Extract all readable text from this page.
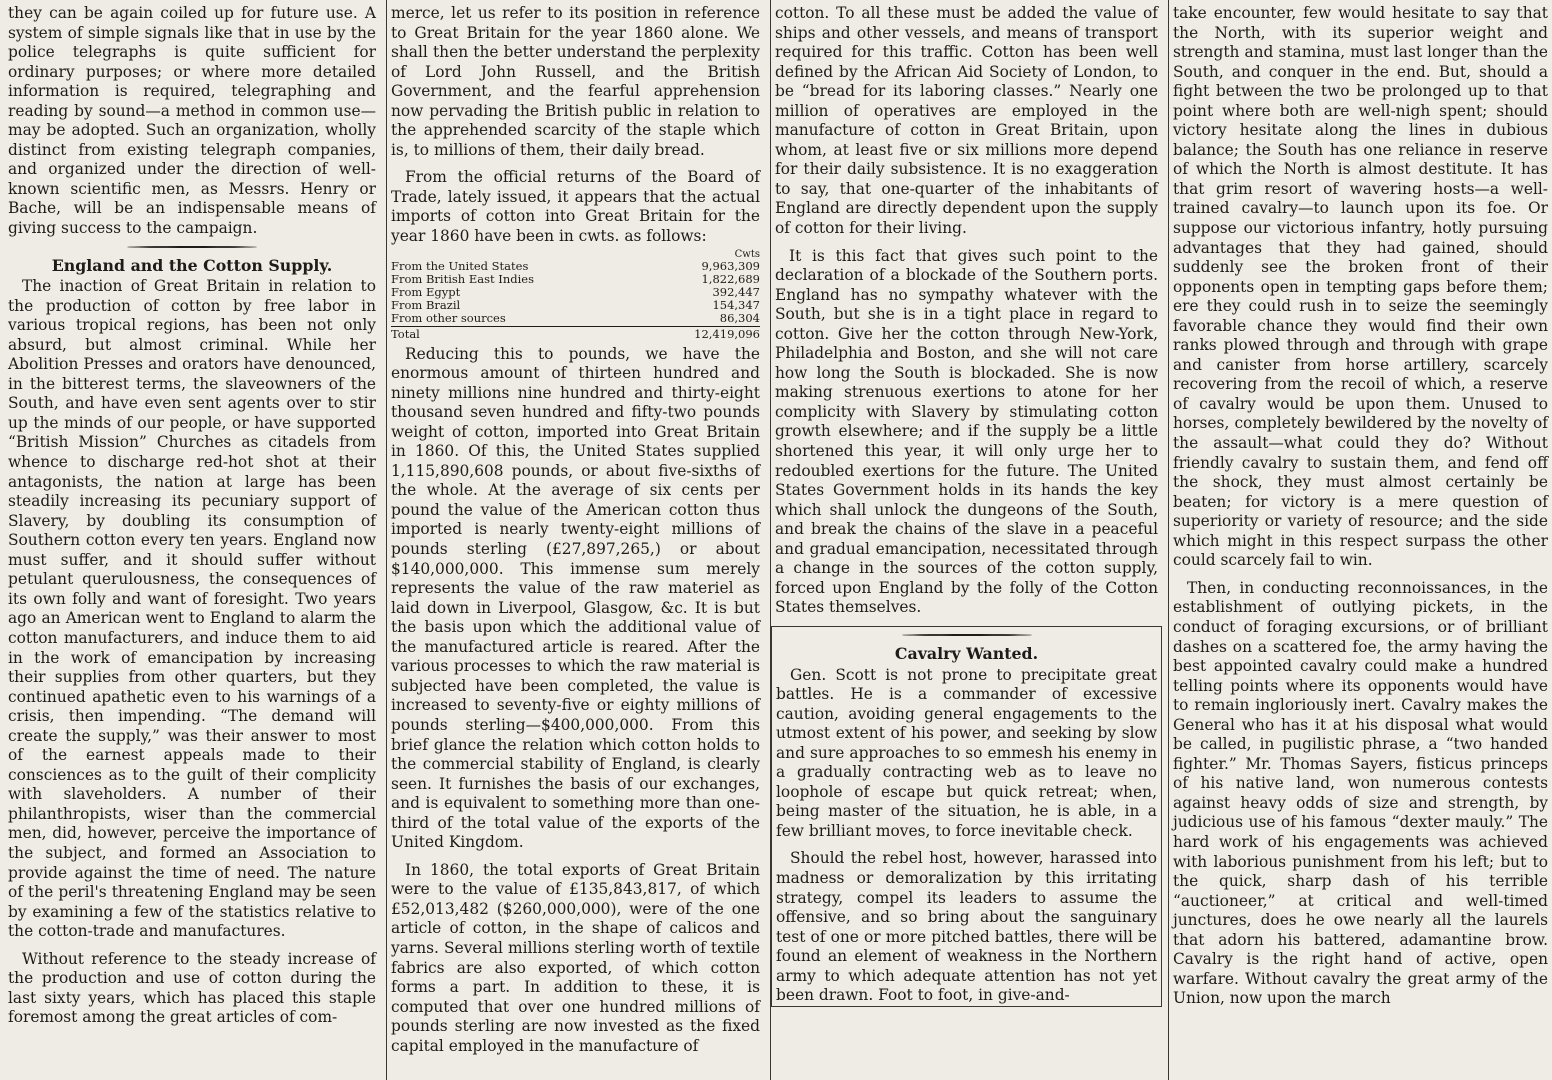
they can be again coiled up for future use. A system of simple signals like that in use by the police telegraphs is quite sufficient for ordinary purposes; or where more detailed information is required, telegraphing and reading by sound—a method in common use—may be adopted. Such an organization, wholly distinct from existing telegraph companies, and organized under the direction of well-known scientific men, as Messrs. Henry or Bache, will be an indispensable means of giving success to the campaign.

England and the Cotton Supply.

The inaction of Great Britain in relation to the production of cotton by free labor in various tropical regions, has been not only absurd, but almost criminal. While her Abolition Presses and orators have denounced, in the bitterest terms, the slaveowners of the South, and have even sent agents over to stir up the minds of our people, or have supported “British Mission” Churches as citadels from whence to discharge red-hot shot at their antagonists, the nation at large has been steadily increasing its pecuniary support of Slavery, by doubling its consumption of Southern cotton every ten years. England now must suffer, and it should suffer without petulant querulousness, the consequences of its own folly and want of foresight. Two years ago an American went to England to alarm the cotton manufacturers, and induce them to aid in the work of emancipation by increasing their supplies from other quarters, but they continued apathetic even to his warnings of a crisis, then impending. “The demand will create the supply,” was their answer to most of the earnest appeals made to their consciences as to the guilt of their complicity with slaveholders. A number of their philanthropists, wiser than the commercial men, did, however, perceive the importance of the subject, and formed an Association to provide against the time of need. The nature of the peril's threatening England may be seen by examining a few of the statistics relative to the cotton-trade and manufactures.

Without reference to the steady increase of the production and use of cotton during the last sixty years, which has placed this staple foremost among the great articles of com-

merce, let us refer to its position in reference to Great Britain for the year 1860 alone. We shall then the better understand the perplexity of Lord John Russell, and the British Government, and the fearful apprehension now pervading the British public in relation to the apprehended scarcity of the staple which is, to millions of them, their daily bread.

From the official returns of the Board of Trade, lately issued, it appears that the actual imports of cotton into Great Britain for the year 1860 have been in cwts. as follows:

Cwts
From the United States	9,963,309
From British East Indies	1,822,689
From Egypt	392,447
From Brazil	154,347
From other sources	86,304
Total	12,419,096

Reducing this to pounds, we have the enormous amount of thirteen hundred and ninety millions nine hundred and thirty-eight thousand seven hundred and fifty-two pounds weight of cotton, imported into Great Britain in 1860. Of this, the United States supplied 1,115,890,608 pounds, or about five-sixths of the whole. At the average of six cents per pound the value of the American cotton thus imported is nearly twenty-eight millions of pounds sterling (£27,897,265,) or about $140,000,000. This immense sum merely represents the value of the raw materiel as laid down in Liverpool, Glasgow, &c. It is but the basis upon which the additional value of the manufactured article is reared. After the various processes to which the raw material is subjected have been completed, the value is increased to seventy-five or eighty millions of pounds sterling—$400,000,000. From this brief glance the relation which cotton holds to the commercial stability of England, is clearly seen. It furnishes the basis of our exchanges, and is equivalent to something more than one-third of the total value of the exports of the United Kingdom.

In 1860, the total exports of Great Britain were to the value of £135,843,817, of which £52,013,482 ($260,000,000), were of the one article of cotton, in the shape of calicos and yarns. Several millions sterling worth of textile fabrics are also exported, of which cotton forms a part. In addition to these, it is computed that over one hundred millions of pounds sterling are now invested as the fixed capital employed in the manufacture of

cotton. To all these must be added the value of ships and other vessels, and means of transport required for this traffic. Cotton has been well defined by the African Aid Society of London, to be “bread for its laboring classes.” Nearly one million of operatives are employed in the manufacture of cotton in Great Britain, upon whom, at least five or six millions more depend for their daily subsistence. It is no exaggeration to say, that one-quarter of the inhabitants of England are directly dependent upon the supply of cotton for their living.

It is this fact that gives such point to the declaration of a blockade of the Southern ports. England has no sympathy whatever with the South, but she is in a tight place in regard to cotton. Give her the cotton through New-York, Philadelphia and Boston, and she will not care how long the South is blockaded. She is now making strenuous exertions to atone for her complicity with Slavery by stimulating cotton growth elsewhere; and if the supply be a little shortened this year, it will only urge her to redoubled exertions for the future. The United States Government holds in its hands the key which shall unlock the dungeons of the South, and break the chains of the slave in a peaceful and gradual emancipation, necessitated through a change in the sources of the cotton supply, forced upon England by the folly of the Cotton States themselves.

Cavalry Wanted.

Gen. Scott is not prone to precipitate great battles. He is a commander of excessive caution, avoiding general engagements to the utmost extent of his power, and seeking by slow and sure approaches to so emmesh his enemy in a gradually contracting web as to leave no loophole of escape but quick retreat; when, being master of the situation, he is able, in a few brilliant moves, to force inevitable check.

Should the rebel host, however, harassed into madness or demoralization by this irritating strategy, compel its leaders to assume the offensive, and so bring about the sanguinary test of one or more pitched battles, there will be found an element of weakness in the Northern army to which adequate attention has not yet been drawn. Foot to foot, in give-and-

take encounter, few would hesitate to say that the North, with its superior weight and strength and stamina, must last longer than the South, and conquer in the end. But, should a fight between the two be prolonged up to that point where both are well-nigh spent; should victory hesitate along the lines in dubious balance; the South has one reliance in reserve of which the North is almost destitute. It has that grim resort of wavering hosts—a well-trained cavalry—to launch upon its foe. Or suppose our victorious infantry, hotly pursuing advantages that they had gained, should suddenly see the broken front of their opponents open in tempting gaps before them; ere they could rush in to seize the seemingly favorable chance they would find their own ranks plowed through and through with grape and canister from horse artillery, scarcely recovering from the recoil of which, a reserve of cavalry would be upon them. Unused to horses, completely bewildered by the novelty of the assault—what could they do? Without friendly cavalry to sustain them, and fend off the shock, they must almost certainly be beaten; for victory is a mere question of superiority or variety of resource; and the side which might in this respect surpass the other could scarcely fail to win.

Then, in conducting reconnoissances, in the establishment of outlying pickets, in the conduct of foraging excursions, or of brilliant dashes on a scattered foe, the army having the best appointed cavalry could make a hundred telling points where its opponents would have to remain ingloriously inert. Cavalry makes the General who has it at his disposal what would be called, in pugilistic phrase, a “two handed fighter.” Mr. Thomas Sayers, fisticus princeps of his native land, won numerous contests against heavy odds of size and strength, by judicious use of his famous “dexter mauly.” The hard work of his engagements was achieved with laborious punishment from his left; but to the quick, sharp dash of his terrible “auctioneer,” at critical and well-timed junctures, does he owe nearly all the laurels that adorn his battered, adamantine brow. Cavalry is the right hand of active, open warfare. Without cavalry the great army of the Union, now upon the march
